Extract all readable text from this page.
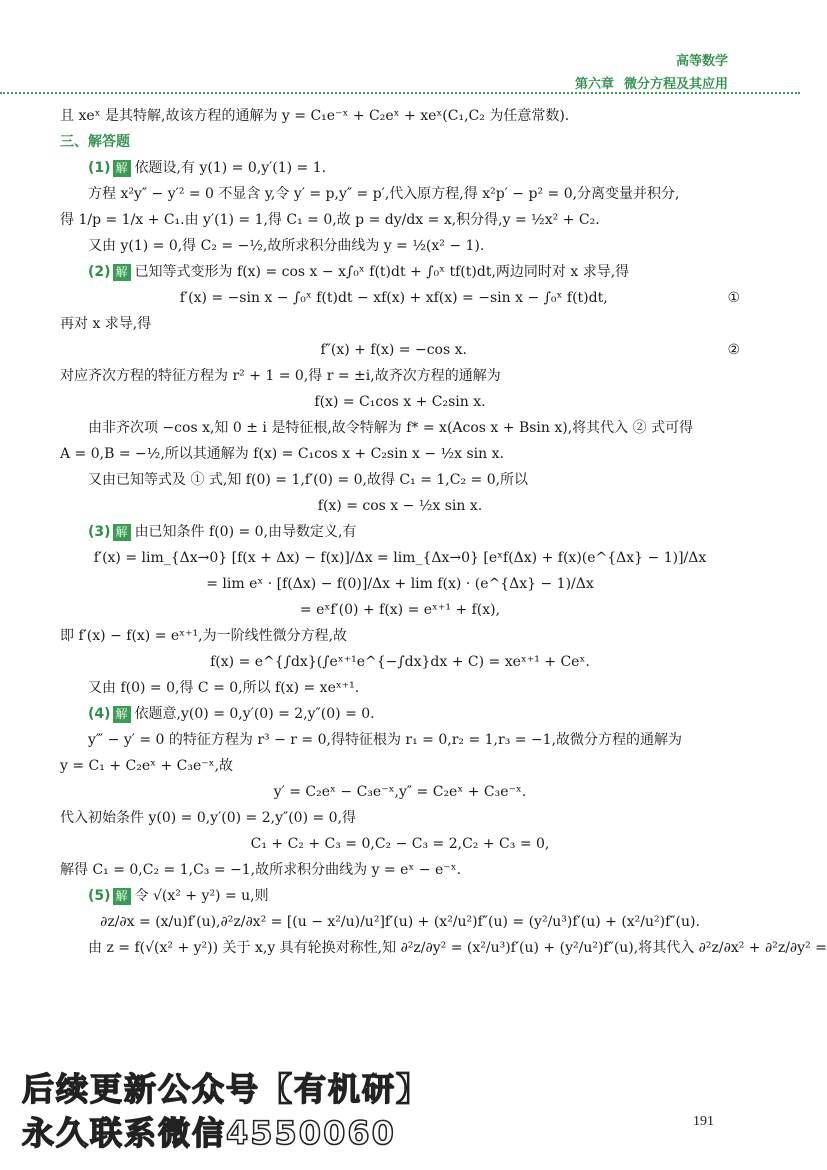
高等数学
第六章 微分方程及其应用
且 xeˣ 是其特解,故该方程的通解为 y = C₁e⁻ˣ + C₂eˣ + xeˣ(C₁,C₂ 为任意常数).
三、解答题
(1) 解 依题设,有 y(1) = 0,y′(1) = 1.
方程 x²y″ − y′² = 0 不显含 y,令 y′ = p,y″ = p′,代入原方程,得 x²p′ − p² = 0,分离变量并积分,
得 1/p = 1/x + C₁.由 y′(1) = 1,得 C₁ = 0,故 p = dy/dx = x,积分得,y = ½x² + C₂.
又由 y(1) = 0,得 C₂ = −½,故所求积分曲线为 y = ½(x² − 1).
(2) 解 已知等式变形为 f(x) = cos x − x∫₀ˣ f(t)dt + ∫₀ˣ tf(t)dt,两边同时对 x 求导,得
①
f′(x) = −sin x − ∫₀ˣ f(t)dt − xf(x) + xf(x) = −sin x − ∫₀ˣ f(t)dt,
再对 x 求导,得
②
f″(x) + f(x) = −cos x.
对应齐次方程的特征方程为 r² + 1 = 0,得 r = ±i,故齐次方程的通解为
f(x) = C₁cos x + C₂sin x.
由非齐次项 −cos x,知 0 ± i 是特征根,故令特解为 f* = x(Acos x + Bsin x),将其代入 ② 式可得
A = 0,B = −½,所以其通解为 f(x) = C₁cos x + C₂sin x − ½x sin x.
又由已知等式及 ① 式,知 f(0) = 1,f′(0) = 0,故得 C₁ = 1,C₂ = 0,所以
f(x) = cos x − ½x sin x.
(3) 解 由已知条件 f(0) = 0,由导数定义,有
f′(x) = lim_{Δx→0} [f(x + Δx) − f(x)]/Δx = lim_{Δx→0} [eˣf(Δx) + f(x)(e^{Δx} − 1)]/Δx
= lim eˣ · [f(Δx) − f(0)]/Δx + lim f(x) · (e^{Δx} − 1)/Δx
= eˣf′(0) + f(x) = eˣ⁺¹ + f(x),
即 f′(x) − f(x) = eˣ⁺¹,为一阶线性微分方程,故
f(x) = e^{∫dx}(∫eˣ⁺¹e^{−∫dx}dx + C) = xeˣ⁺¹ + Ceˣ.
又由 f(0) = 0,得 C = 0,所以 f(x) = xeˣ⁺¹.
(4) 解 依题意,y(0) = 0,y′(0) = 2,y″(0) = 0.
y‴ − y′ = 0 的特征方程为 r³ − r = 0,得特征根为 r₁ = 0,r₂ = 1,r₃ = −1,故微分方程的通解为
y = C₁ + C₂eˣ + C₃e⁻ˣ,故
y′ = C₂eˣ − C₃e⁻ˣ,y″ = C₂eˣ + C₃e⁻ˣ.
代入初始条件 y(0) = 0,y′(0) = 2,y″(0) = 0,得
C₁ + C₂ + C₃ = 0,C₂ − C₃ = 2,C₂ + C₃ = 0,
解得 C₁ = 0,C₂ = 1,C₃ = −1,故所求积分曲线为 y = eˣ − e⁻ˣ.
(5) 解 令 √(x² + y²) = u,则
∂z/∂x = (x/u)f′(u),∂²z/∂x² = [(u − x²/u)/u²]f′(u) + (x²/u²)f″(u) = (y²/u³)f′(u) + (x²/u²)f″(u).
由 z = f(√(x² + y²)) 关于 x,y 具有轮换对称性,知 ∂²z/∂y² = (x²/u³)f′(u) + (y²/u²)f″(u),将其代入 ∂²z/∂x² + ∂²z/∂y² =
后续更新公众号【有机研】
永久联系微信4550060	191
